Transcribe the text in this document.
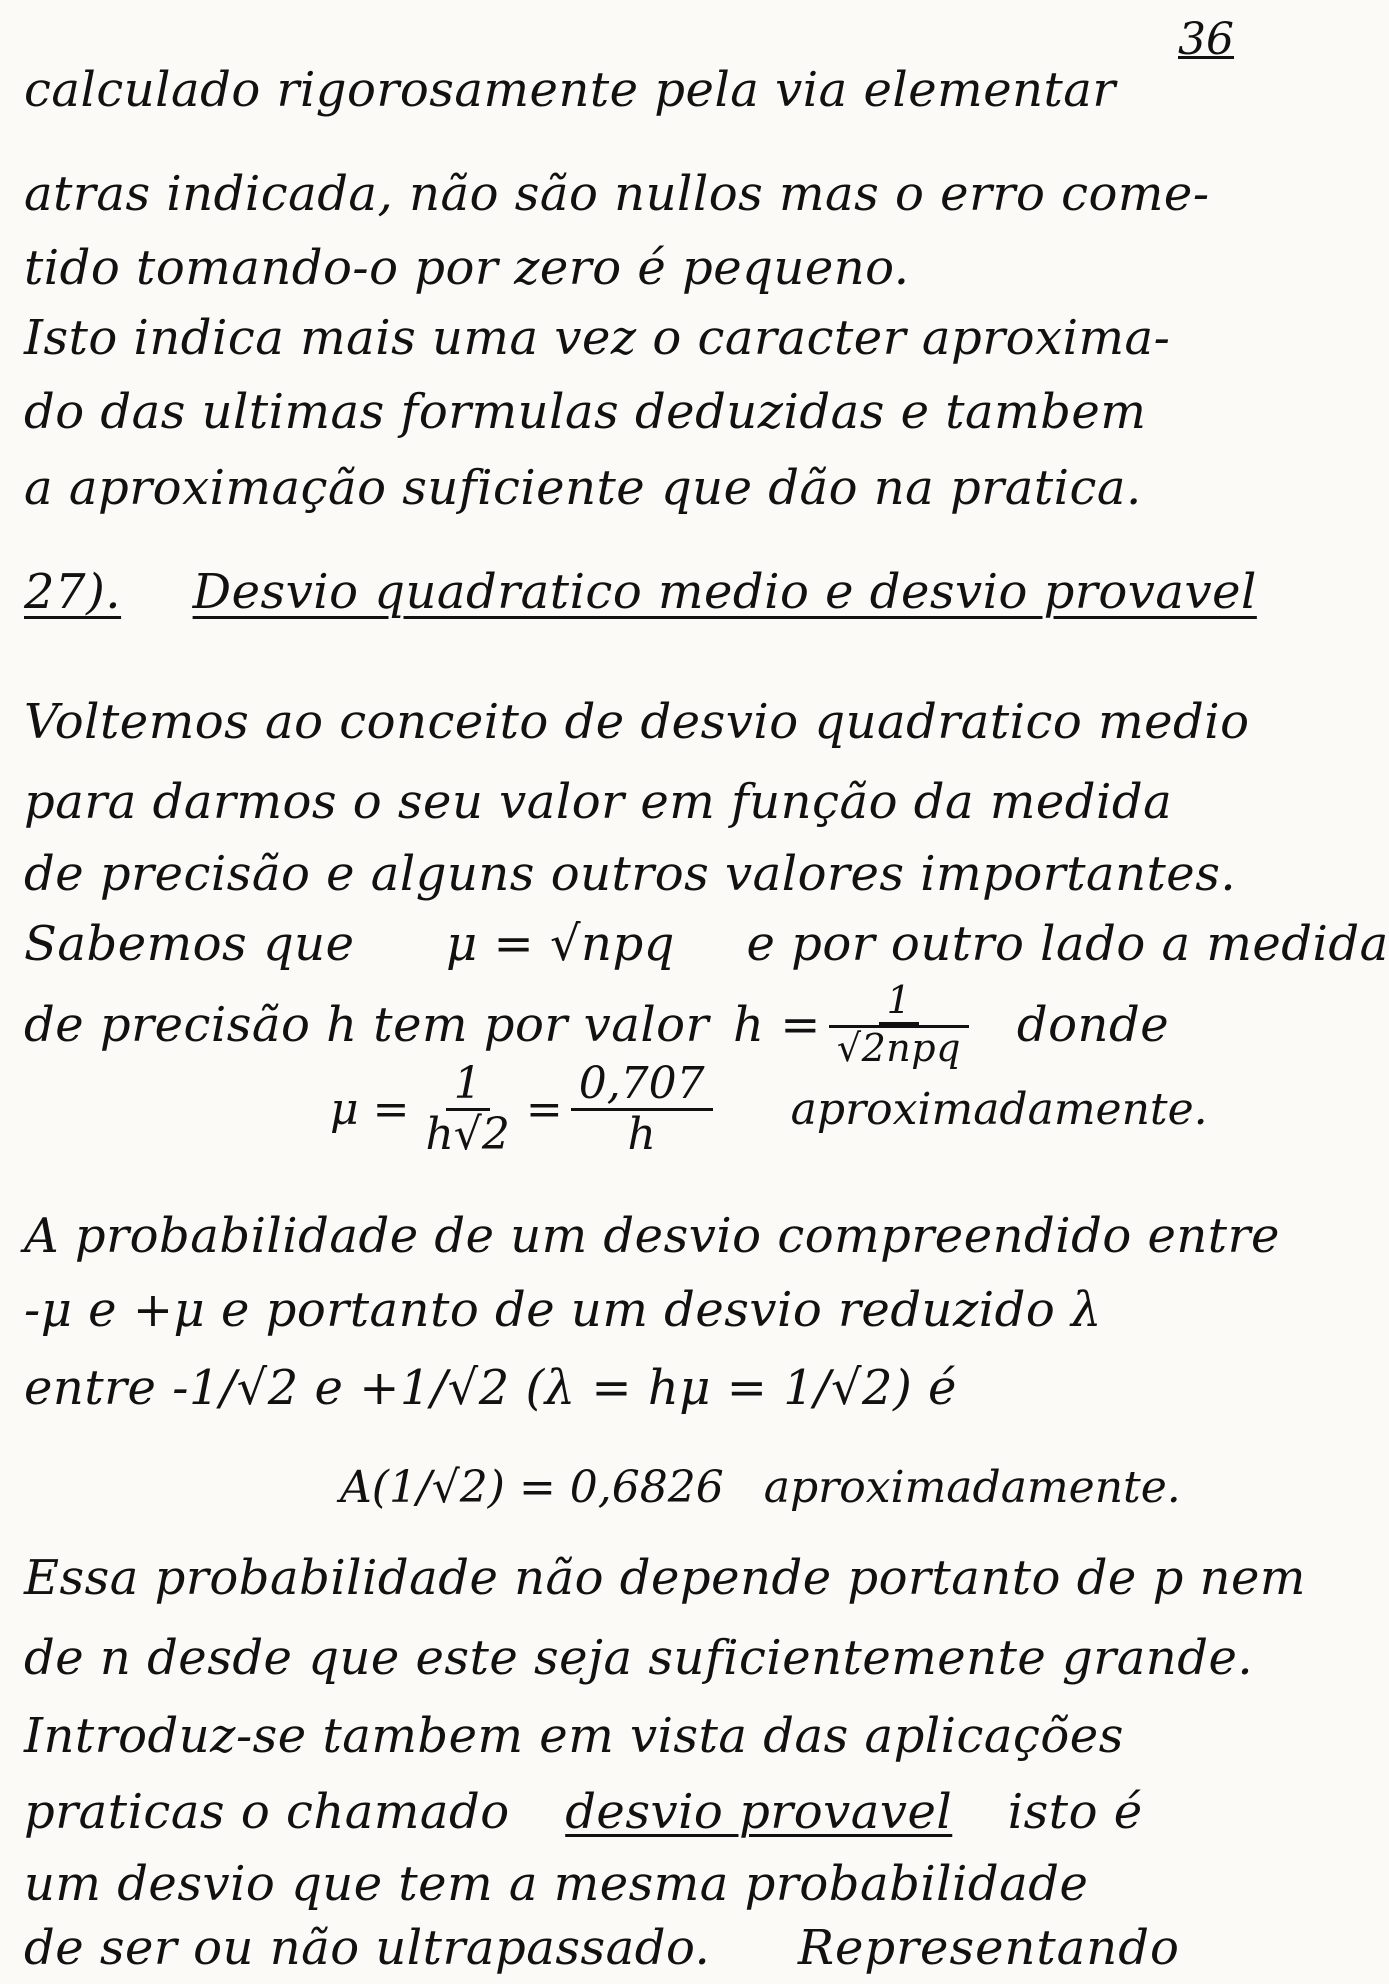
36
calculado rigorosamente pela via elementar
atras indicada, não são nullos mas o erro come-
tido tomando-o por zero é pequeno.
Isto indica mais uma vez o caracter aproxima-
do das ultimas formulas deduzidas e tambem
a aproximação suficiente que dão na pratica.
27). Desvio quadratico medio e desvio provavel
Voltemos ao conceito de desvio quadratico medio
para darmos o seu valor em função da medida
de precisão e alguns outros valores importantes.
Sabemos que μ = √npq e por outro lado a medida
de precisão h tem por valor $h = \frac{1}{\text{√2npq}}$ donde
$\mu = \frac{1}{h√2} = \frac{0,707}{h}$ aproximadamente.
A probabilidade de um desvio compreendido entre
-μ e +μ e portanto de um desvio reduzido λ
entre -1/√2 e +1/√2 (λ = hμ = 1/√2) é
A(1/√2) = 0,6826 aproximadamente.
Essa probabilidade não depende portanto de p nem
de n desde que este seja suficientemente grande.
Introduz-se tambem em vista das aplicações
praticas o chamado desvio provavel isto é
um desvio que tem a mesma probabilidade
de ser ou não ultrapassado. Representando
